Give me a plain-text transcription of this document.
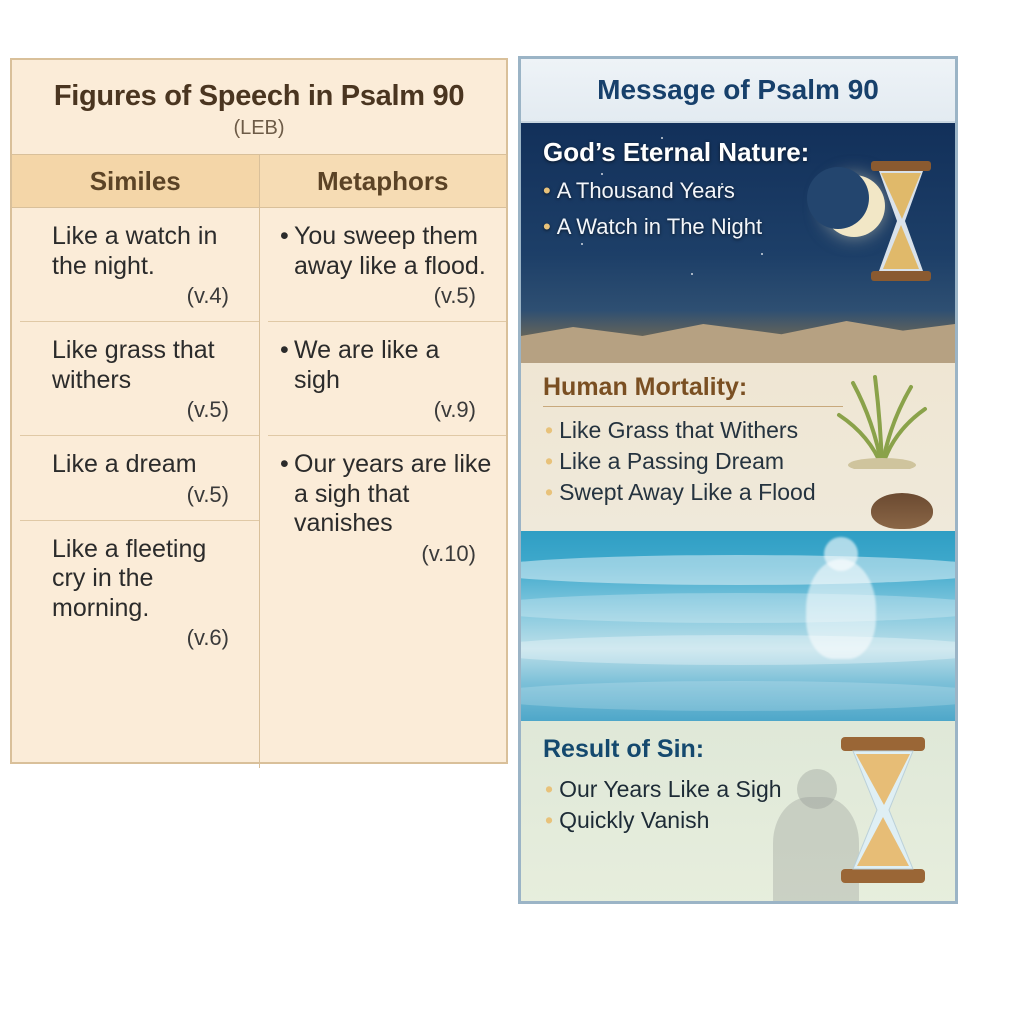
Figures of Speech in Psalm 90
(LEB)
Similes	Metaphors
Like a watch in the night.
(v.4)
Like grass that withers
(v.5)
Like a dream
(v.5)
Like a fleeting cry in the morning.
(v.6)
• You sweep them away like a flood.
(v.5)
• We are like a sigh
(v.9)
• Our years are like a sigh that vanishes
(v.10)
Message of Psalm 90
God’s Eternal Nature:
• A Thousand Years
• A Watch in The Night
Human Mortality:
• Like Grass that Withers
• Like a Passing Dream
• Swept Away Like a Flood
Result of Sin:
• Our Years Like a Sigh
• Quickly Vanish
